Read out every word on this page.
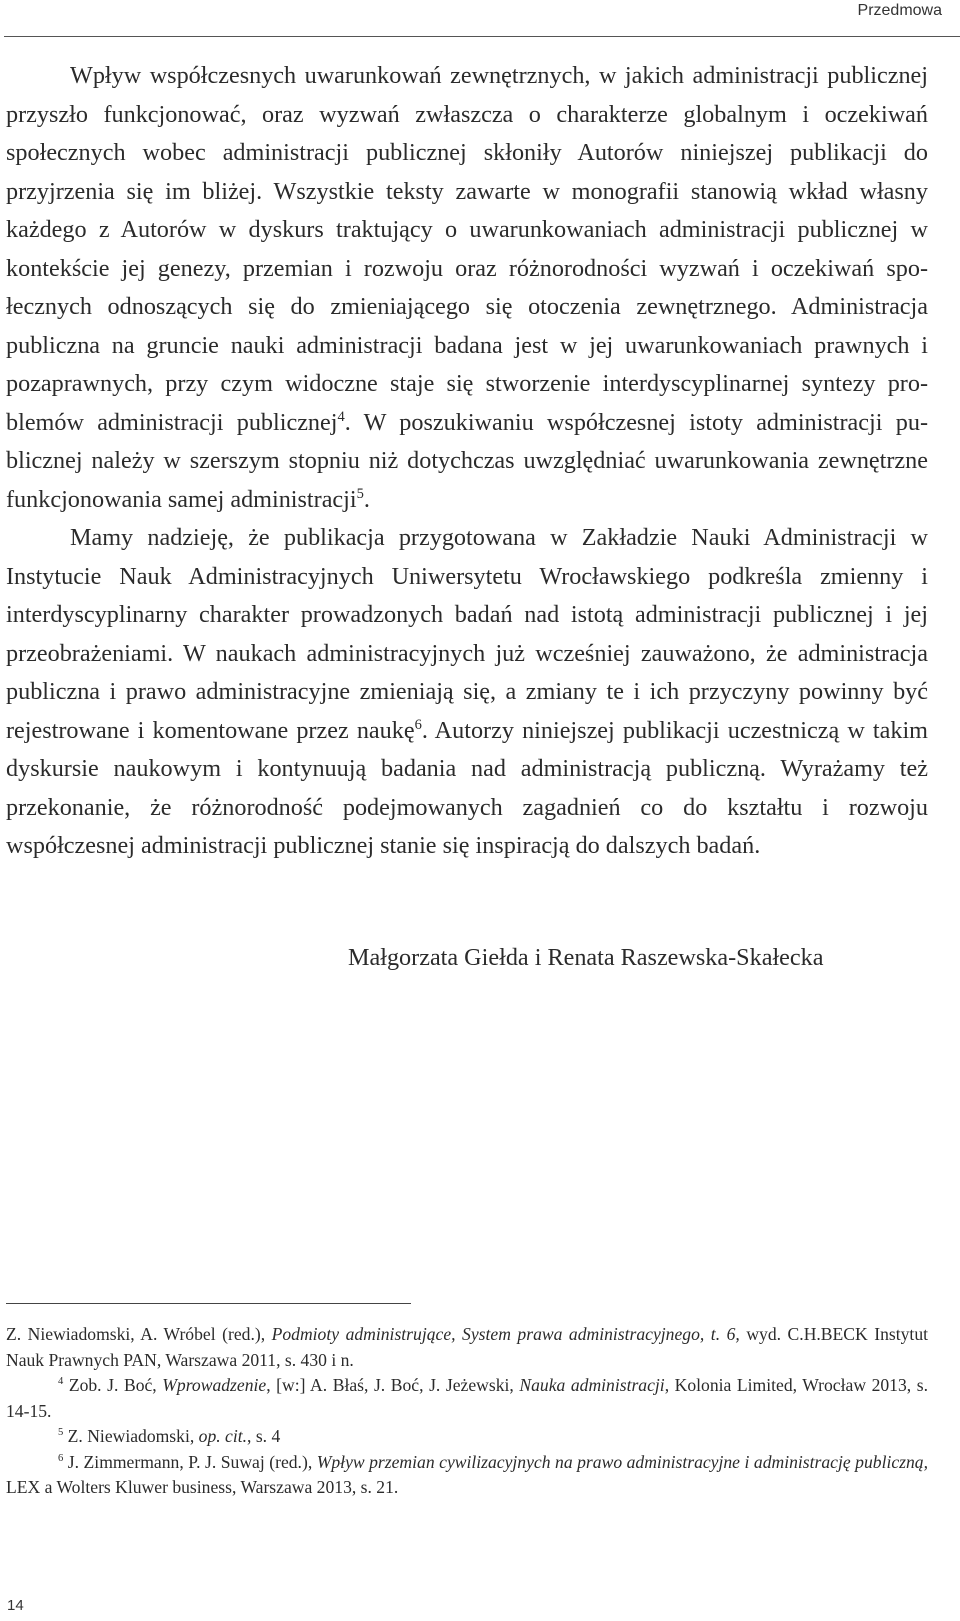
Przedmowa

Wpływ współczesnych uwarunkowań zewnętrznych, w jakich administracji publicznej przyszło funkcjonować, oraz wyzwań zwłaszcza o charakterze globalnym i oczekiwań społecznych wobec administracji publicznej skłoniły Autorów niniejszej publikacji do przyjrzenia się im bliżej. Wszystkie teksty zawarte w monografii stanowią wkład własny każdego z Autorów w dyskurs traktujący o uwarunkowaniach administracji publicznej w kontekście jej genezy, przemian i rozwoju oraz różnorodności wyzwań i oczekiwań społecznych odnoszących się do zmieniającego się otoczenia zewnętrznego. Administracja publiczna na gruncie nauki administracji badana jest w jej uwarunkowaniach prawnych i pozaprawnych, przy czym widoczne staje się stworzenie interdyscyplinarnej syntezy problemów administracji publicznej$^4$. W poszukiwaniu współczesnej istoty administracji publicznej należy w szerszym stopniu niż dotychczas uwzględniać uwarunkowania zewnętrzne funkcjonowania samej administracji$^5$.

Mamy nadzieję, że publikacja przygotowana w Zakładzie Nauki Administracji w Instytucie Nauk Administracyjnych Uniwersytetu Wrocławskiego podkreśla zmienny i interdyscyplinarny charakter prowadzonych badań nad istotą administracji publicznej i jej przeobrażeniami. W naukach administracyjnych już wcześniej zauważono, że administracja publiczna i prawo administracyjne zmieniają się, a zmiany te i ich przyczyny powinny być rejestrowane i komentowane przez naukę$^6$. Autorzy niniejszej publikacji uczestniczą w takim dyskursie naukowym i kontynuują badania nad administracją publiczną. Wyrażamy też przekonanie, że różnorodność podejmowanych zagadnień co do kształtu i rozwoju współczesnej administracji publicznej stanie się inspiracją do dalszych badań.

Małgorzata Giełda i Renata Raszewska-Skałecka

Z. Niewiadomski, A. Wróbel (red.), Podmioty administrujące, System prawa administracyjnego, t. 6, wyd. C.H.BECK Instytut Nauk Prawnych PAN, Warszawa 2011, s. 430 i n.

$^4$ Zob. J. Boć, Wprowadzenie, [w:] A. Błaś, J. Boć, J. Jeżewski, Nauka administracji, Kolonia Limited, Wrocław 2013, s. 14-15.

$^5$ Z. Niewiadomski, op. cit., s. 4

$^6$ J. Zimmermann, P. J. Suwaj (red.), Wpływ przemian cywilizacyjnych na prawo administracyjne i administrację publiczną, LEX a Wolters Kluwer business, Warszawa 2013, s. 21.

14
